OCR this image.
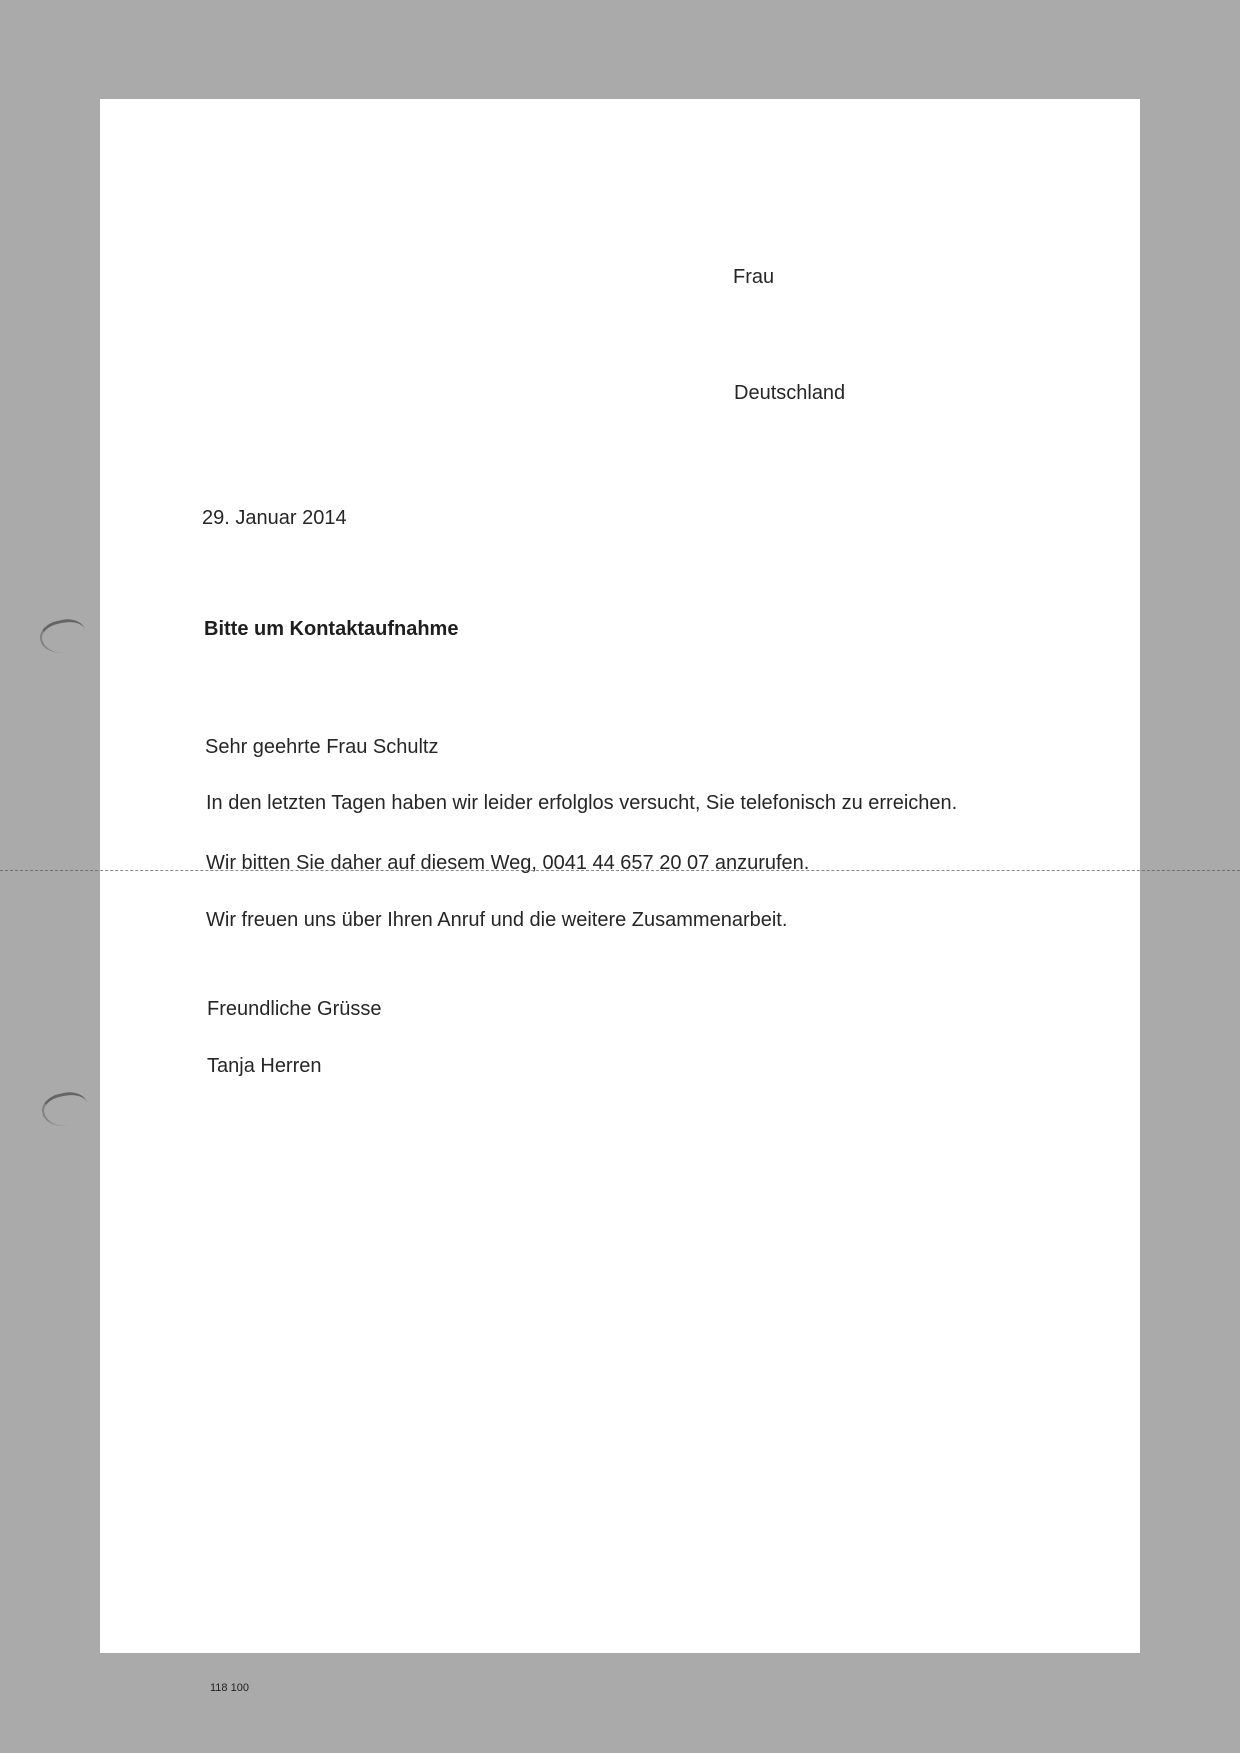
Frau
Deutschland
29. Januar 2014
Bitte um Kontaktaufnahme
Sehr geehrte Frau Schultz
In den letzten Tagen haben wir leider erfolglos versucht, Sie telefonisch zu erreichen.
Wir bitten Sie daher auf diesem Weg, 0041 44 657 20 07 anzurufen.
Wir freuen uns über Ihren Anruf und die weitere Zusammenarbeit.
Freundliche Grüsse
Tanja Herren
118 100
